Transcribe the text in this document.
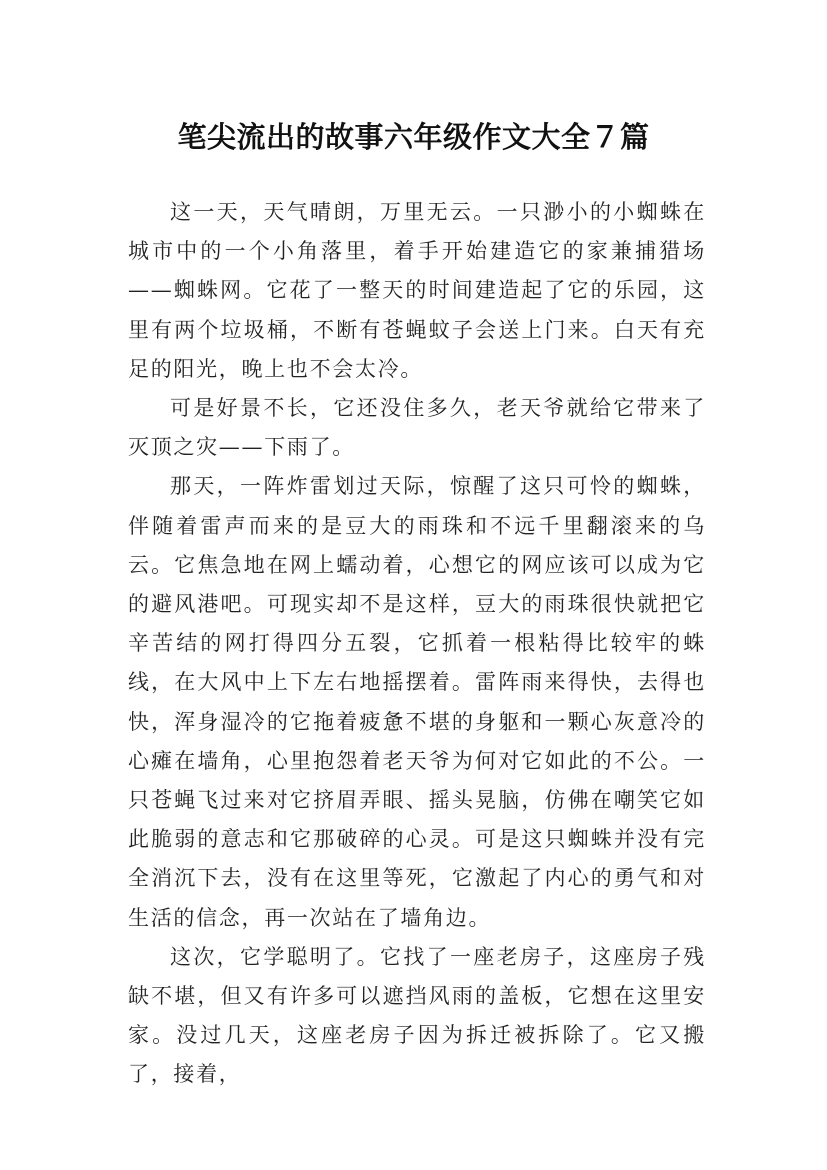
笔尖流出的故事六年级作文大全７篇

这一天，天气晴朗，万里无云。一只渺小的小蜘蛛在城市中的一个小角落里，着手开始建造它的家兼捕猎场——蜘蛛网。它花了一整天的时间建造起了它的乐园，这里有两个垃圾桶，不断有苍蝇蚊子会送上门来。白天有充足的阳光，晚上也不会太冷。

可是好景不长，它还没住多久，老天爷就给它带来了灭顶之灾——下雨了。

那天，一阵炸雷划过天际，惊醒了这只可怜的蜘蛛，伴随着雷声而来的是豆大的雨珠和不远千里翻滚来的乌云。它焦急地在网上蠕动着，心想它的网应该可以成为它的避风港吧。可现实却不是这样，豆大的雨珠很快就把它辛苦结的网打得四分五裂，它抓着一根粘得比较牢的蛛线，在大风中上下左右地摇摆着。雷阵雨来得快，去得也快，浑身湿冷的它拖着疲惫不堪的身躯和一颗心灰意冷的心瘫在墙角，心里抱怨着老天爷为何对它如此的不公。一只苍蝇飞过来对它挤眉弄眼、摇头晃脑，仿佛在嘲笑它如此脆弱的意志和它那破碎的心灵。可是这只蜘蛛并没有完全消沉下去，没有在这里等死，它激起了内心的勇气和对生活的信念，再一次站在了墙角边。

这次，它学聪明了。它找了一座老房子，这座房子残缺不堪，但又有许多可以遮挡风雨的盖板，它想在这里安家。没过几天，这座老房子因为拆迁被拆除了。它又搬了，接着，
